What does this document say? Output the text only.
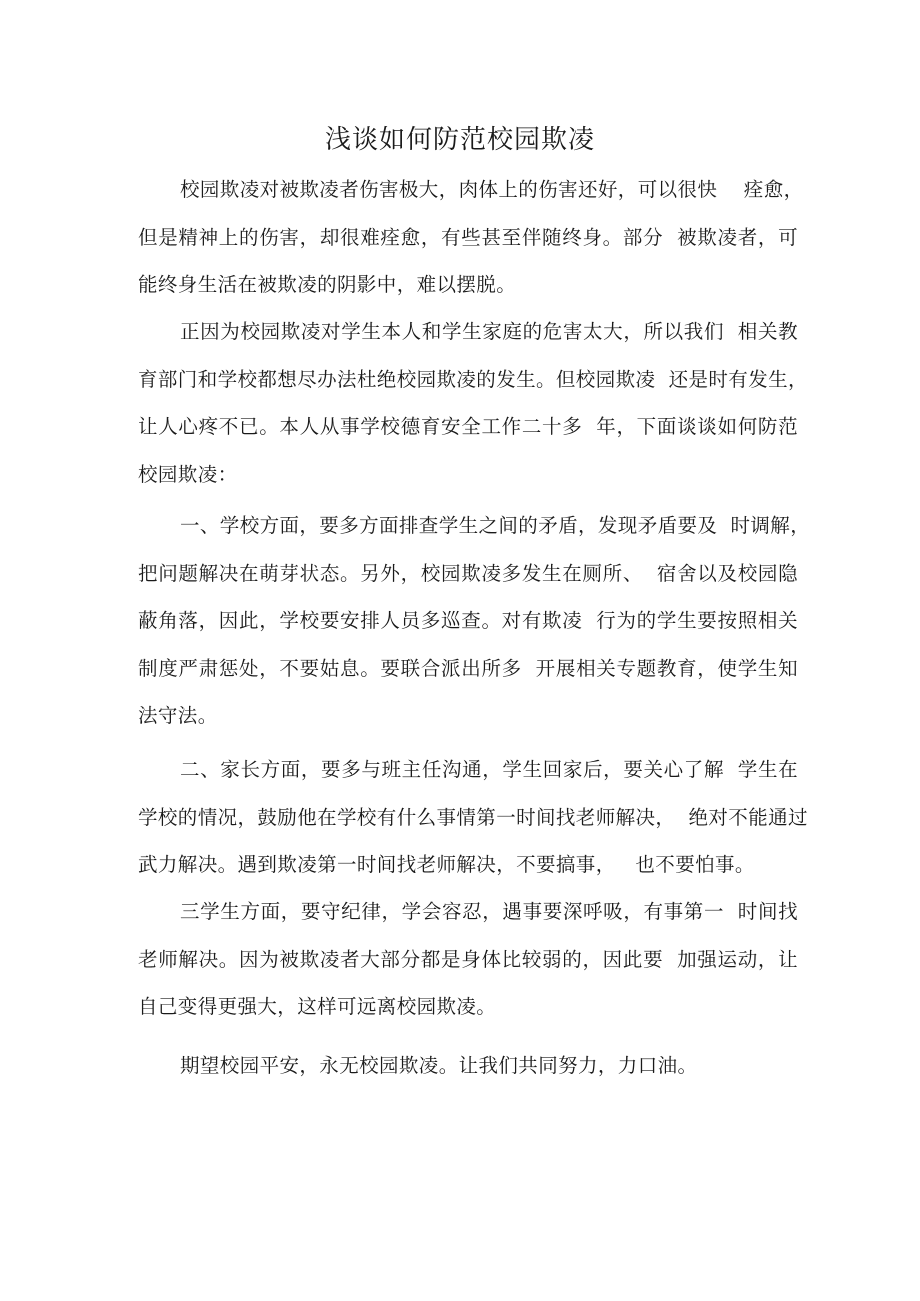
浅谈如何防范校园欺凌
校园欺凌对被欺凌者伤害极大，肉体上的伤害还好，可以很快　 痊愈，
但是精神上的伤害，却很难痊愈，有些甚至伴随终身。部分  被欺凌者，可
能终身生活在被欺凌的阴影中，难以摆脱。
正因为校园欺凌对学生本人和学生家庭的危害太大，所以我们  相关教
育部门和学校都想尽办法杜绝校园欺凌的发生。但校园欺凌  还是时有发生，
让人心疼不已。本人从事学校德育安全工作二十多  年，下面谈谈如何防范
校园欺凌：
一、学校方面，要多方面排查学生之间的矛盾，发现矛盾要及  时调解，
把问题解决在萌芽状态。另外，校园欺凌多发生在厕所、  宿舍以及校园隐
蔽角落，因此，学校要安排人员多巡查。对有欺凌  行为的学生要按照相关
制度严肃惩处，不要姑息。要联合派出所多  开展相关专题教育，使学生知
法守法。
二、家长方面，要多与班主任沟通，学生回家后，要关心了解  学生在
学校的情况，鼓励他在学校有什么事情第一时间找老师解决，  绝对不能通过
武力解决。遇到欺凌第一时间找老师解决，不要搞事，   也不要怕事。
三学生方面，要守纪律，学会容忍，遇事要深呼吸，有事第一  时间找
老师解决。因为被欺凌者大部分都是身体比较弱的，因此要  加强运动，让
自己变得更强大，这样可远离校园欺凌。
期望校园平安，永无校园欺凌。让我们共同努力，力口油。
